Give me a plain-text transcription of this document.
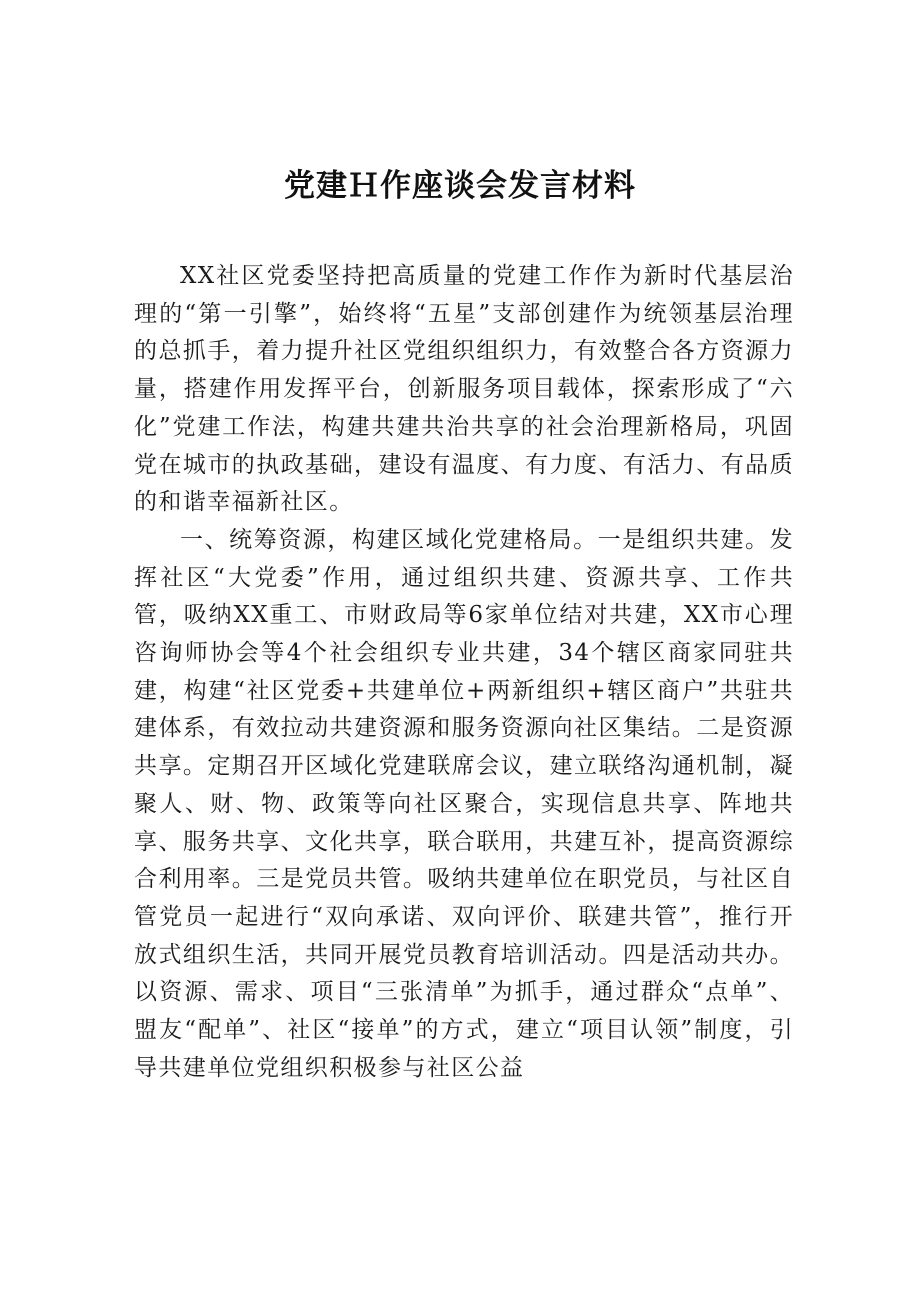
党建Ｈ作座谈会发言材料

XX社区党委坚持把高质量的党建工作作为新时代基层治理的“第一引擎”，始终将“五星”支部创建作为统领基层治理的总抓手，着力提升社区党组织组织力，有效整合各方资源力量，搭建作用发挥平台，创新服务项目载体，探索形成了“六化”党建工作法，构建共建共治共享的社会治理新格局，巩固党在城市的执政基础，建设有温度、有力度、有活力、有品质的和谐幸福新社区。

一、统筹资源，构建区域化党建格局。一是组织共建。发挥社区“大党委”作用，通过组织共建、资源共享、工作共管，吸纳XX重工、市财政局等6家单位结对共建，XX市心理咨询师协会等4个社会组织专业共建，34个辖区商家同驻共建，构建“社区党委+共建单位+两新组织+辖区商户”共驻共建体系，有效拉动共建资源和服务资源向社区集结。二是资源共享。定期召开区域化党建联席会议，建立联络沟通机制，凝聚人、财、物、政策等向社区聚合，实现信息共享、阵地共享、服务共享、文化共享，联合联用，共建互补，提高资源综合利用率。三是党员共管。吸纳共建单位在职党员，与社区自管党员一起进行“双向承诺、双向评价、联建共管”，推行开放式组织生活，共同开展党员教育培训活动。四是活动共办。以资源、需求、项目“三张清单”为抓手，通过群众“点单”、盟友“配单”、社区“接单”的方式，建立“项目认领”制度，引导共建单位党组织积极参与社区公益
